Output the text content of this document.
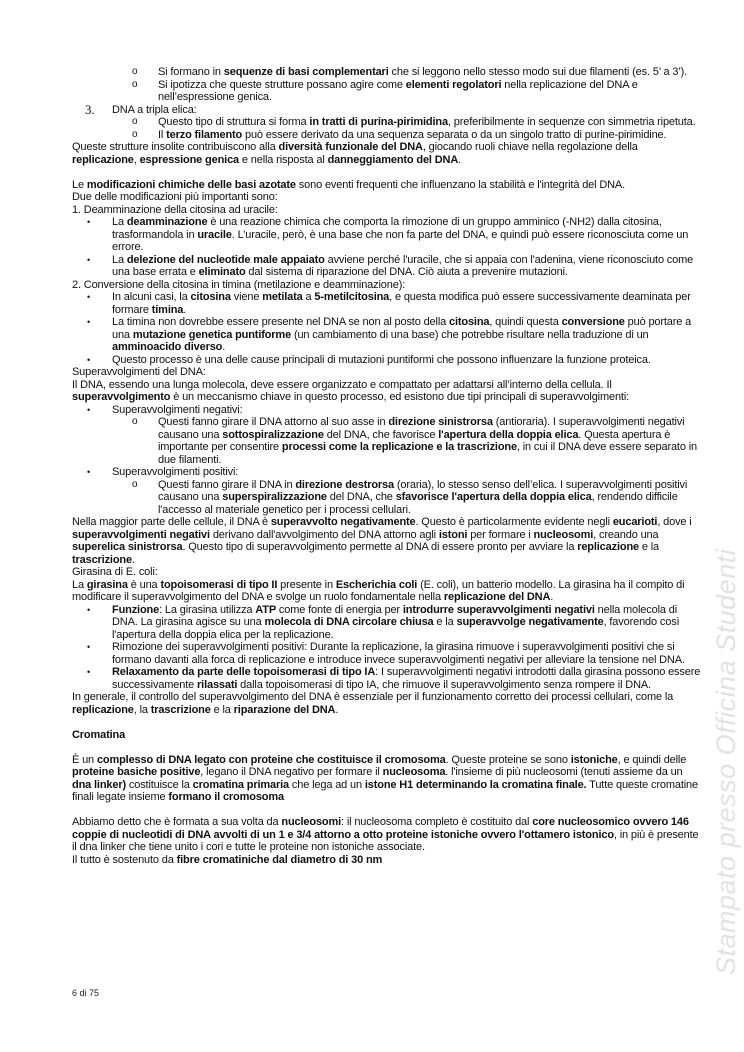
o Si formano in sequenze di basi complementari che si leggono nello stesso modo sui due filamenti (es. 5’ a 3’).
o Si ipotizza che queste strutture possano agire come elementi regolatori nella replicazione del DNA e nell’espressione genica.
3. DNA a tripla elica:
o Questo tipo di struttura si forma in tratti di purina-pirimidina, preferibilmente in sequenze con simmetria ripetuta.
o Il terzo filamento può essere derivato da una sequenza separata o da un singolo tratto di purine-pirimidine.
Queste strutture insolite contribuiscono alla diversità funzionale del DNA, giocando ruoli chiave nella regolazione della replicazione, espressione genica e nella risposta al danneggiamento del DNA.
Le modificazioni chimiche delle basi azotate sono eventi frequenti che influenzano la stabilità e l'integrità del DNA.
Due delle modificazioni più importanti sono:
1. Deamminazione della citosina ad uracile:
• La deamminazione è una reazione chimica che comporta la rimozione di un gruppo amminico (-NH2) dalla citosina, trasformandola in uracile. L’uracile, però, è una base che non fa parte del DNA, e quindi può essere riconosciuta come un errore.
• La delezione del nucleotide male appaiato avviene perché l'uracile, che si appaia con l'adenina, viene riconosciuto come una base errata e eliminato dal sistema di riparazione del DNA. Ciò aiuta a prevenire mutazioni.
2. Conversione della citosina in timina (metilazione e deamminazione):
• In alcuni casi, la citosina viene metilata a 5-metilcitosina, e questa modifica può essere successivamente deaminata per formare timina.
• La timina non dovrebbe essere presente nel DNA se non al posto della citosina, quindi questa conversione può portare a una mutazione genetica puntiforme (un cambiamento di una base) che potrebbe risultare nella traduzione di un amminoacido diverso.
• Questo processo è una delle cause principali di mutazioni puntiformi che possono influenzare la funzione proteica.
Superavvolgimenti del DNA:
Il DNA, essendo una lunga molecola, deve essere organizzato e compattato per adattarsi all’interno della cellula. Il superavvolgimento è un meccanismo chiave in questo processo, ed esistono due tipi principali di superavvolgimenti:
• Superavvolgimenti negativi:
o Questi fanno girare il DNA attorno al suo asse in direzione sinistrorsa (antioraria). I superavvolgimenti negativi causano una sottospiralizzazione del DNA, che favorisce l'apertura della doppia elica. Questa apertura è importante per consentire processi come la replicazione e la trascrizione, in cui il DNA deve essere separato in due filamenti.
• Superavvolgimenti positivi:
o Questi fanno girare il DNA in direzione destrorsa (oraria), lo stesso senso dell’elica. I superavvolgimenti positivi causano una superspiralizzazione del DNA, che sfavorisce l'apertura della doppia elica, rendendo difficile l'accesso al materiale genetico per i processi cellulari.
Nella maggior parte delle cellule, il DNA è superavvolto negativamente. Questo è particolarmente evidente negli eucarioti, dove i superavvolgimenti negativi derivano dall'avvolgimento del DNA attorno agli istoni per formare i nucleosomi, creando una superelica sinistrorsa. Questo tipo di superavvolgimento permette al DNA di essere pronto per avviare la replicazione e la trascrizione.
Girasina di E. coli:
La girasina è una topoisomerasi di tipo II presente in Escherichia coli (E. coli), un batterio modello. La girasina ha il compito di modificare il superavvolgimento del DNA e svolge un ruolo fondamentale nella replicazione del DNA.
• Funzione: La girasina utilizza ATP come fonte di energia per introdurre superavvolgimenti negativi nella molecola di DNA. La girasina agisce su una molecola di DNA circolare chiusa e la superavvolge negativamente, favorendo così l'apertura della doppia elica per la replicazione.
• Rimozione dei superavvolgimenti positivi: Durante la replicazione, la girasina rimuove i superavvolgimenti positivi che si formano davanti alla forca di replicazione e introduce invece superavvolgimenti negativi per alleviare la tensione nel DNA.
• Relaxamento da parte delle topoisomerasi di tipo IA: I superavvolgimenti negativi introdotti dalla girasina possono essere successivamente rilassati dalla topoisomerasi di tipo IA, che rimuove il superavvolgimento senza rompere il DNA.
In generale, il controllo del superavvolgimento del DNA è essenziale per il funzionamento corretto dei processi cellulari, come la replicazione, la trascrizione e la riparazione del DNA.
Cromatina
È un complesso di DNA legato con proteine che costituisce il cromosoma. Queste proteine se sono istoniche, e quindi delle proteine basiche positive, legano il DNA negativo per formare il nucleosoma. l'insieme di più nucleosomi (tenuti assieme da un dna linker) costituisce la cromatina primaria che lega ad un istone H1 determinando la cromatina finale. Tutte queste cromatine finali legate insieme formano il cromosoma
Abbiamo detto che è formata a sua volta da nucleosomi: il nucleosoma completo è costituito dal core nucleosomico ovvero 146 coppie di nucleotidi di DNA avvolti di un 1 e 3/4 attorno a otto proteine istoniche ovvero l'ottamero istonico, in più è presente il dna linker che tiene unito i cori e tutte le proteine non istoniche associate.
Il tutto è sostenuto da fibre cromatiniche dal diametro di 30 nm	Stampato presso Officina Studenti
6 di 75
